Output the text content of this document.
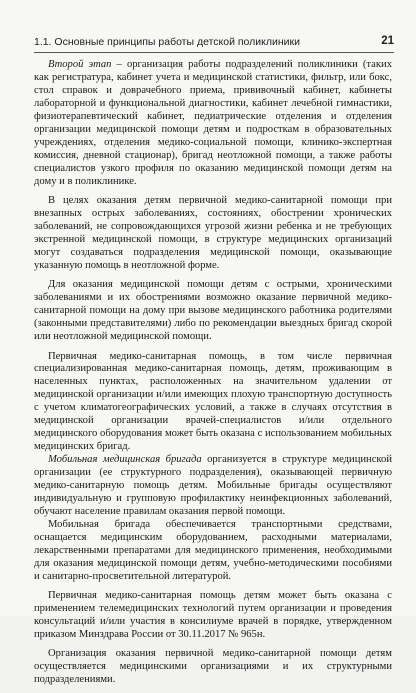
1.1. Основные принципы работы детской поликлиники	21

Второй этап – организация работы подразделений поликлиники (таких как регистратура, кабинет учета и медицинской статистики, фильтр, или бокс, стол справок и доврачебного приема, прививочный кабинет, кабинеты лабораторной и функциональной диагностики, кабинет лечебной гимнастики, физиотерапевтический кабинет, педиатрические отделения и отделения организации медицинской помощи детям и подросткам в образовательных учреждениях, отделения медико-социальной помощи, клинико-экспертная комиссия, дневной стационар), бригад неотложной помощи, а также работы специалистов узкого профиля по оказанию медицинской помощи детям на дому и в поликлинике.

В целях оказания детям первичной медико-санитарной помощи при внезапных острых заболеваниях, состояниях, обострении хронических заболеваний, не сопровождающихся угрозой жизни ребенка и не требующих экстренной медицинской помощи, в структуре медицинских организаций могут создаваться подразделения медицинской помощи, оказывающие указанную помощь в неотложной форме.

Для оказания медицинской помощи детям с острыми, хроническими заболеваниями и их обострениями возможно оказание первичной медико-санитарной помощи на дому при вызове медицинского работника родителями (законными представителями) либо по рекомендации выездных бригад скорой или неотложной медицинской помощи.

Первичная медико-санитарная помощь, в том числе первичная специализированная медико-санитарная помощь, детям, проживающим в населенных пунктах, расположенных на значительном удалении от медицинской организации и/или имеющих плохую транспортную доступность с учетом климатогеографических условий, а также в случаях отсутствия в медицинской организации врачей-специалистов и/или отдельного медицинского оборудования может быть оказана с использованием мобильных медицинских бригад.

Мобильная медицинская бригада организуется в структуре медицинской организации (ее структурного подразделения), оказывающей первичную медико-санитарную помощь детям. Мобильные бригады осуществляют индивидуальную и групповую профилактику неинфекционных заболеваний, обучают население правилам оказания первой помощи.

Мобильная бригада обеспечивается транспортными средствами, оснащается медицинским оборудованием, расходными материалами, лекарственными препаратами для медицинского применения, необходимыми для оказания медицинской помощи детям, учебно-методическими пособиями и санитарно-просветительной литературой.

Первичная медико-санитарная помощь детям может быть оказана с применением телемедицинских технологий путем организации и проведения консультаций и/или участия в консилиуме врачей в порядке, утвержденном приказом Минздрава России от 30.11.2017 № 965н.

Организация оказания первичной медико-санитарной помощи детям осуществляется медицинскими организациями и их структурными подразделениями.
